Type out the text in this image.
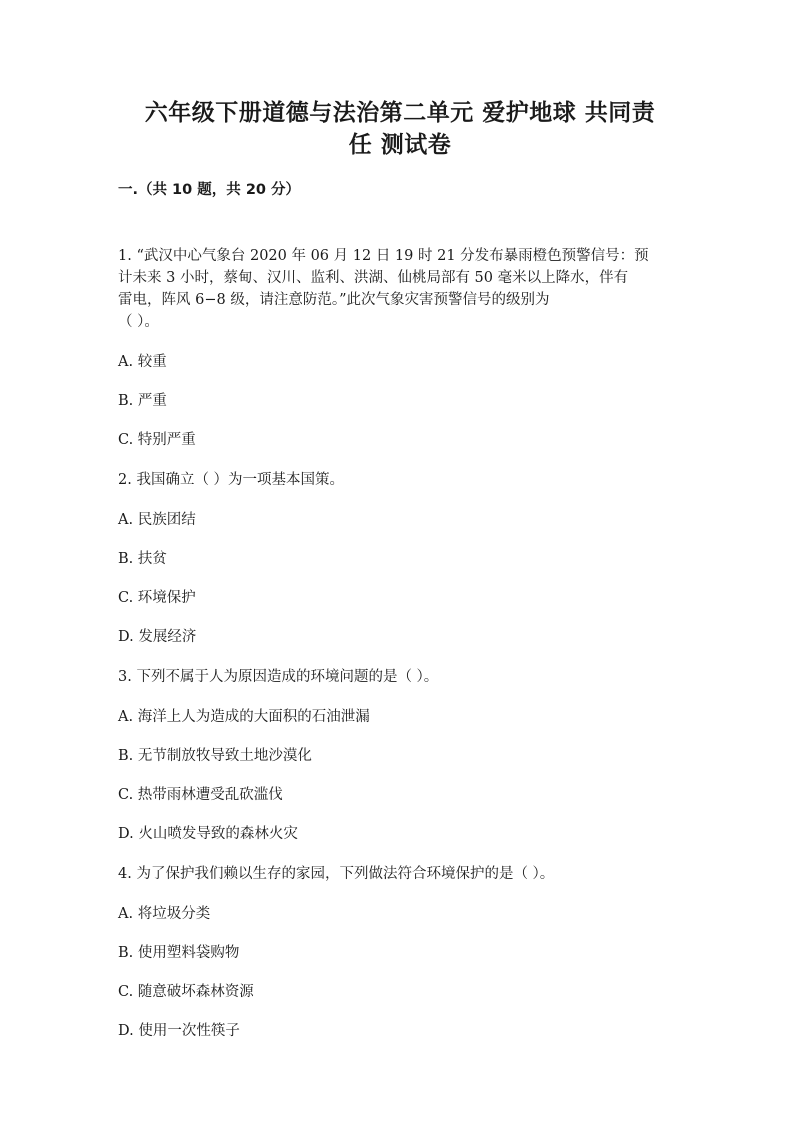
六年级下册道德与法治第二单元 爱护地球 共同责
任 测试卷

一.（共 10 题，共 20 分）

1. “武汉中心气象台 2020 年 06 月 12 日 19 时 21 分发布暴雨橙色预警信号：预
计未来 3 小时，蔡甸、汉川、监利、洪湖、仙桃局部有 50 毫米以上降水，伴有
雷电，阵风 6−8 级，请注意防范。”此次气象灾害预警信号的级别为
（ ）。

A. 较重

B. 严重

C. 特别严重

2. 我国确立（ ）为一项基本国策。

A. 民族团结

B. 扶贫

C. 环境保护

D. 发展经济

3. 下列不属于人为原因造成的环境问题的是（ ）。

A. 海洋上人为造成的大面积的石油泄漏

B. 无节制放牧导致土地沙漠化

C. 热带雨林遭受乱砍滥伐

D. 火山喷发导致的森林火灾

4. 为了保护我们赖以生存的家园，下列做法符合环境保护的是（ ）。

A. 将垃圾分类

B. 使用塑料袋购物

C. 随意破坏森林资源

D. 使用一次性筷子
